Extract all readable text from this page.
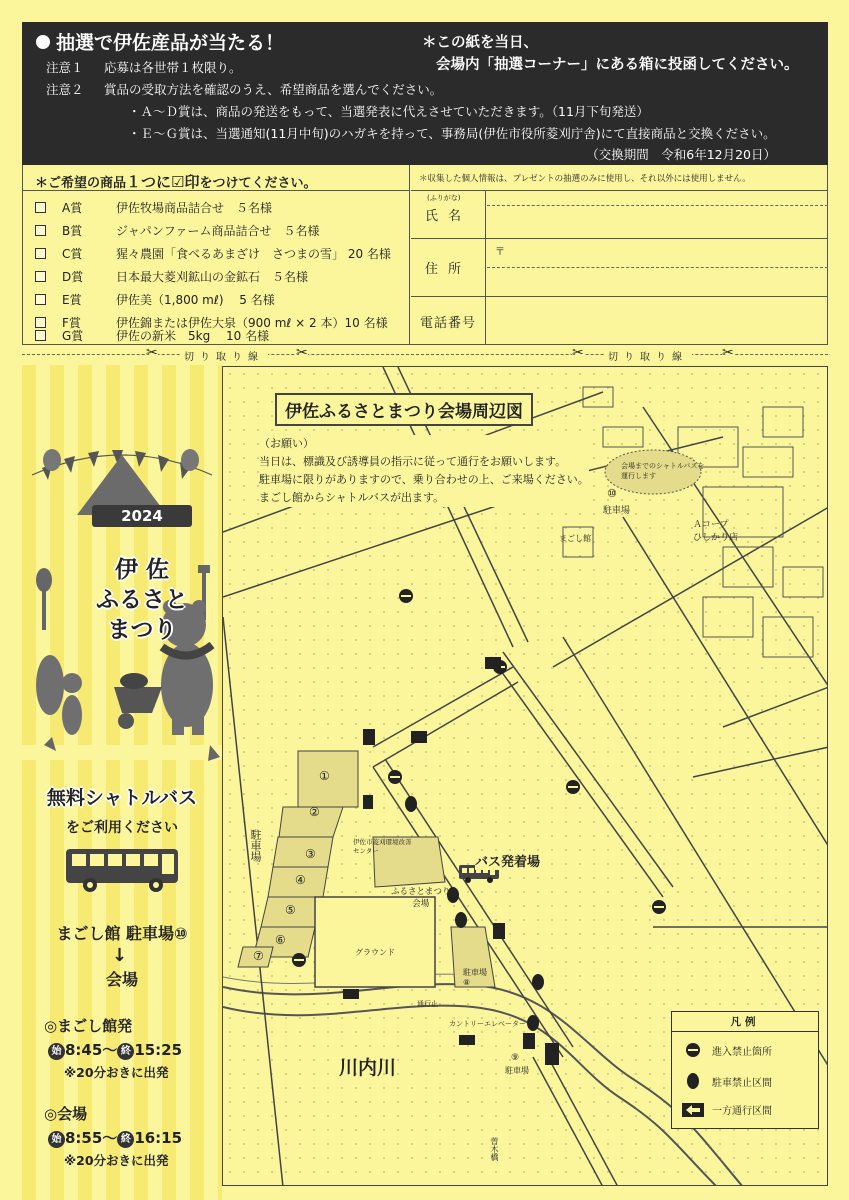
抽選で伊佐産品が当たる！	＊この紙を当日、
会場内「抽選コーナー」にある箱に投函してください。
注意１ 応募は各世帯１枚限り。
注意２ 賞品の受取方法を確認のうえ、希望商品を選んでください。
・Ａ～Ｄ賞は、商品の発送をもって、当選発表に代えさせていただきます。（11月下旬発送）
・Ｅ～Ｇ賞は、当選通知(11月中旬)のハガキを持って、事務局(伊佐市役所菱刈庁舎)にて直接商品と交換ください。
（交換期間　令和6年12月20日）
＊ご希望の商品１つに☑印をつけてください。
A賞	伊佐牧場商品詰合せ　５名様
B賞	ジャパンファーム商品詰合せ　５名様
C賞	猩々農園「食べるあまざけ　さつまの雪」 20 名様
D賞	日本最大菱刈鉱山の金鉱石　５名様
E賞	伊佐美（1,800 mℓ)　 5 名様
F賞	伊佐錦または伊佐大泉（900 mℓ × 2 本）10 名様
G賞	伊佐の新米　5kg　 10 名様
＊収集した個人情報は、プレゼントの抽選のみに使用し、それ以外には使用しません。
(ふりがな)
氏名
住所
〒
電話番号
✂	切り取り線 ✂	✂	切り取り線 ✂
2024
伊 佐
ふるさと
まつり
無料シャトルバス
をご利用ください
まごし館 駐車場⑩
↓
会場
◎まごし館発
始 8:45～ 終 15:25
※20分おきに出発
◎会場
始 8:55～ 終 16:15
※20分おきに出発
伊佐ふるさとまつり会場周辺図
（お願い）
当日は、標識及び誘導員の指示に従って通行をお願いします。
駐車場に限りがありますので、乗り合わせの上、ご来場ください。
まごし館からシャトルバスが出ます。
会場までのシャトルバスを
運行します
⑩
駐車場
まごし館
Ａコープ
ひしかり店
①
②
③
④
⑤
⑥
⑦
駐車場	伊佐市菱刈環境改善
センター
ふるさとまつり
会場
グラウンド
バス発着場
駐車場
⑧
⑨
駐車場
通行止
カントリーエレベーター
川内川
曽木橋
凡例
進入禁止箇所
駐車禁止区間
一方通行区間
